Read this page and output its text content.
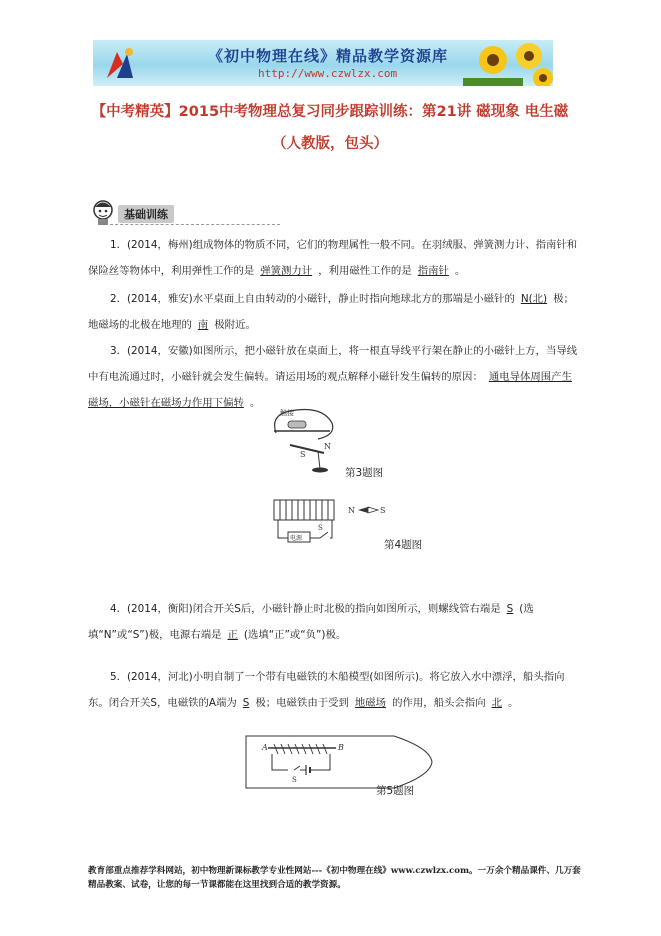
《初中物理在线》精品教学资源库
http://www.czwlzx.com
【中考精英】2015中考物理总复习同步跟踪训练：第21讲 磁现象 电生磁（人教版，包头）
基础训练
1．(2014，梅州)组成物体的物质不同，它们的物理属性一般不同。在羽绒服、弹簧测力计、指南针和保险丝等物体中，利用弹性工作的是 弹簧测力计 ，利用磁性工作的是 指南针 。
2．(2014，雅安)水平桌面上自由转动的小磁针，静止时指向地球北方的那端是小磁针的 N(北) 极；地磁场的北极在地理的 南 极附近。
3．(2014，安徽)如图所示，把小磁针放在桌面上，将一根直导线平行架在静止的小磁针上方，当导线中有电流通过时，小磁针就会发生偏转。请运用场的观点解释小磁针发生偏转的原因： 通电导体周围产生磁场，小磁针在磁场力作用下偏转 。
触接
S
N
第3题图
电源
S
N	S
第4题图
4．(2014，衡阳)闭合开关S后，小磁针静止时北极的指向如图所示，则螺线管右端是 S (选填“N”或“S”)极，电源右端是 正 (选填“正”或“负”)极。
5．(2014，河北)小明自制了一个带有电磁铁的木船模型(如图所示)。将它放入水中漂浮，船头指向东。闭合开关S，电磁铁的A端为 S 极；电磁铁由于受到 地磁场 的作用，船头会指向 北 。
A	B
S
第5题图
教育部重点推荐学科网站，初中物理新课标教学专业性网站---《初中物理在线》www.czwlzx.com。一万余个精品课件、几万套精品教案、试卷，让您的每一节课都能在这里找到合适的教学资源。
